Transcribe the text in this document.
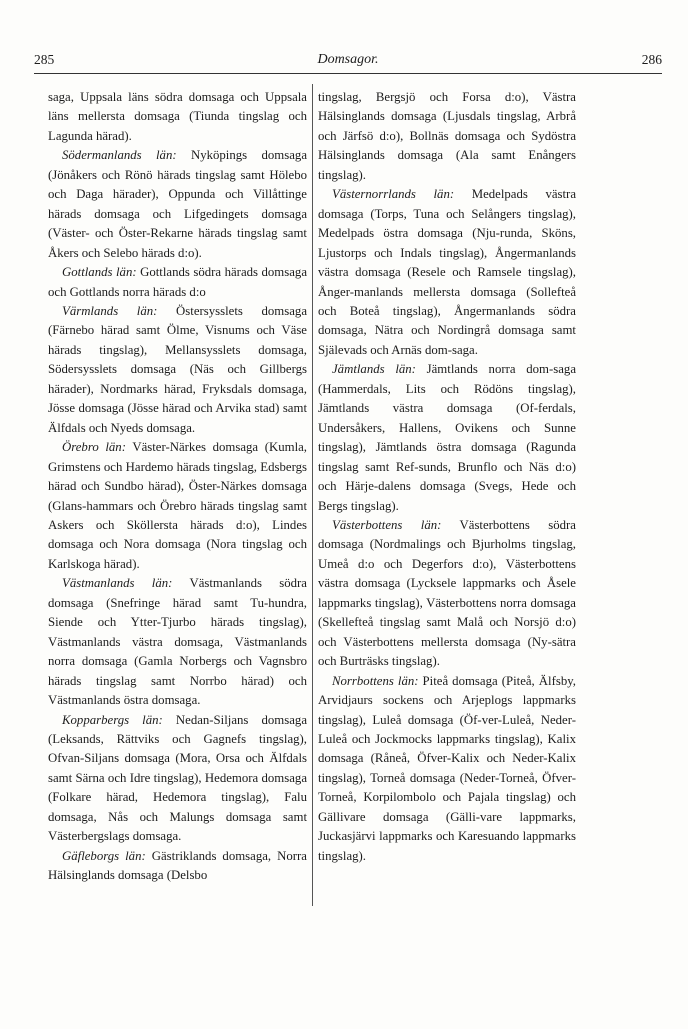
285	Domsagor.	286

saga, Uppsala läns södra domsaga och Uppsala läns mellersta domsaga (Tiunda tingslag och Lagunda härad).

Södermanlands län: Nyköpings domsaga (Jönåkers och Rönö härads tingslag samt Hölebo och Daga härader), Oppunda och Villåttinge härads domsaga och Lifgedingets domsaga (Väster- och Öster-Rekarne härads tingslag samt Åkers och Selebo härads d:o).

Gottlands län: Gottlands södra härads domsaga och Gottlands norra härads d:o

Värmlands län: Östersysslets domsaga (Färnebo härad samt Ölme, Visnums och Väse härads tingslag), Mellansysslets domsaga, Södersysslets domsaga (Näs och Gillbergs härader), Nordmarks härad, Fryksdals domsaga, Jösse domsaga (Jösse härad och Arvika stad) samt Älfdals och Nyeds domsaga.

Örebro län: Väster-Närkes domsaga (Kumla, Grimstens och Hardemo härads tingslag, Edsbergs härad och Sundbo härad), Öster-Närkes domsaga (Glans-hammars och Örebro härads tingslag samt Askers och Sköllersta härads d:o), Lindes domsaga och Nora domsaga (Nora tingslag och Karlskoga härad).

Västmanlands län: Västmanlands södra domsaga (Snefringe härad samt Tu-hundra, Siende och Ytter-Tjurbo härads tingslag), Västmanlands västra domsaga, Västmanlands norra domsaga (Gamla Norbergs och Vagnsbro härads tingslag samt Norrbo härad) och Västmanlands östra domsaga.

Kopparbergs län: Nedan-Siljans domsaga (Leksands, Rättviks och Gagnefs tingslag), Ofvan-Siljans domsaga (Mora, Orsa och Älfdals samt Särna och Idre tingslag), Hedemora domsaga (Folkare härad, Hedemora tingslag), Falu domsaga, Nås och Malungs domsaga samt Västerbergslags domsaga.

Gäfleborgs län: Gästriklands domsaga, Norra Hälsinglands domsaga (Delsbo

tingslag, Bergsjö och Forsa d:o), Västra Hälsinglands domsaga (Ljusdals tingslag, Arbrå och Järfsö d:o), Bollnäs domsaga och Sydöstra Hälsinglands domsaga (Ala samt Enångers tingslag).

Västernorrlands län: Medelpads västra domsaga (Torps, Tuna och Selångers tingslag), Medelpads östra domsaga (Nju-runda, Sköns, Ljustorps och Indals tingslag), Ångermanlands västra domsaga (Resele och Ramsele tingslag), Ånger-manlands mellersta domsaga (Sollefteå och Boteå tingslag), Ångermanlands södra domsaga, Nätra och Nordingrå domsaga samt Själevads och Arnäs dom-saga.

Jämtlands län: Jämtlands norra dom-saga (Hammerdals, Lits och Rödöns tingslag), Jämtlands västra domsaga (Of-ferdals, Undersåkers, Hallens, Ovikens och Sunne tingslag), Jämtlands östra domsaga (Ragunda tingslag samt Ref-sunds, Brunflo och Näs d:o) och Härje-dalens domsaga (Svegs, Hede och Bergs tingslag).

Västerbottens län: Västerbottens södra domsaga (Nordmalings och Bjurholms tingslag, Umeå d:o och Degerfors d:o), Västerbottens västra domsaga (Lycksele lappmarks och Åsele lappmarks tingslag), Västerbottens norra domsaga (Skellefteå tingslag samt Malå och Norsjö d:o) och Västerbottens mellersta domsaga (Ny-sätra och Burträsks tingslag).

Norrbottens län: Piteå domsaga (Piteå, Älfsby, Arvidjaurs sockens och Arjeplogs lappmarks tingslag), Luleå domsaga (Öf-ver-Luleå, Neder-Luleå och Jockmocks lappmarks tingslag), Kalix domsaga (Råneå, Öfver-Kalix och Neder-Kalix tingslag), Torneå domsaga (Neder-Torneå, Öfver-Torneå, Korpilombolo och Pajala tingslag) och Gällivare domsaga (Gälli-vare lappmarks, Juckasjärvi lappmarks och Karesuando lappmarks tingslag).
